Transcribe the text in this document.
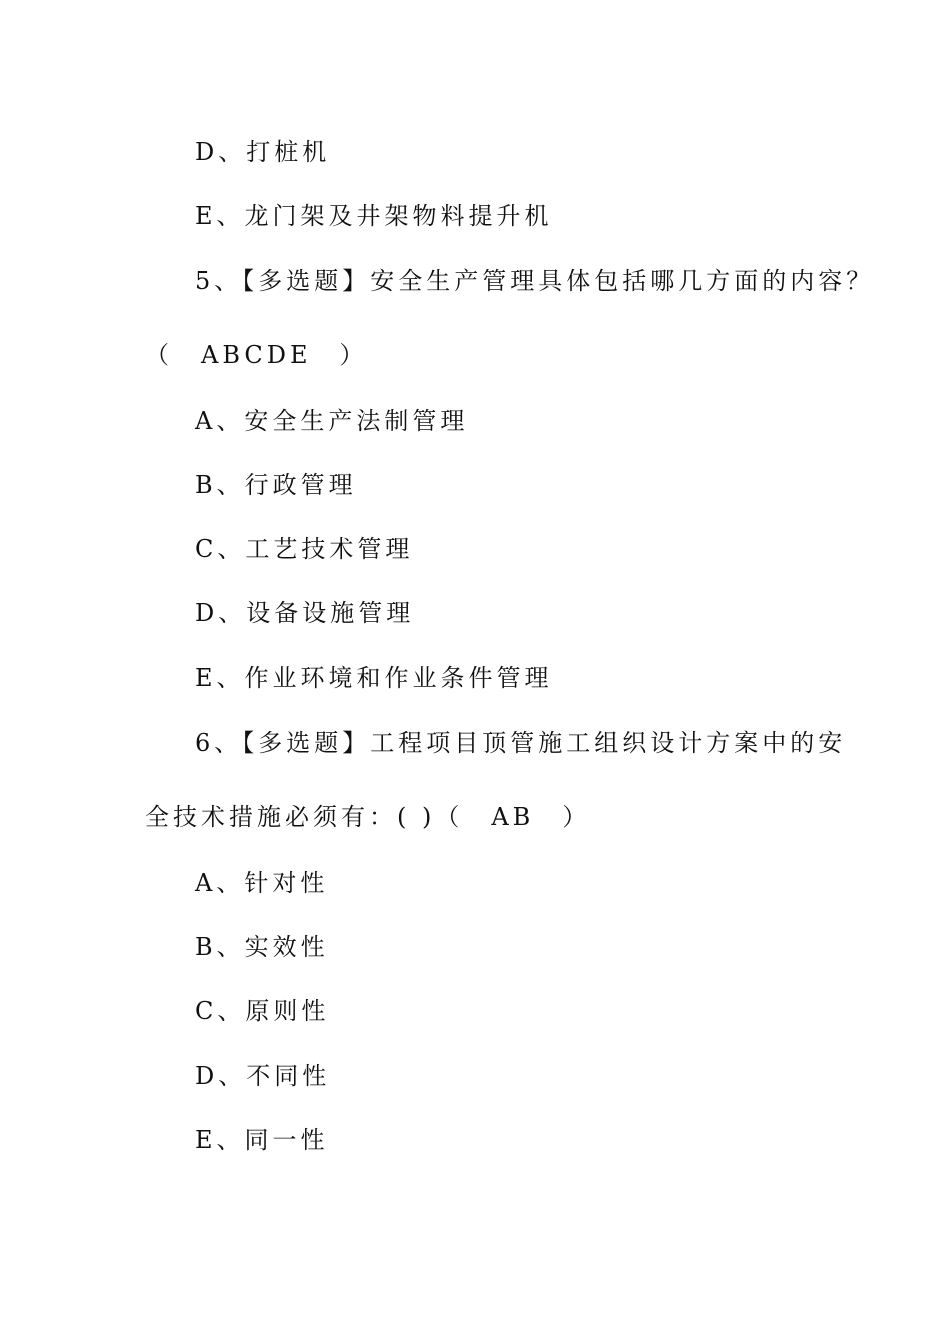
D、打桩机
E、龙门架及井架物料提升机
5、【多选题】安全生产管理具体包括哪几方面的内容？
（　ABCDE　）
A、安全生产法制管理
B、行政管理
C、工艺技术管理
D、设备设施管理
E、作业环境和作业条件管理
6、【多选题】工程项目顶管施工组织设计方案中的安
全技术措施必须有：( )（　AB　）
A、针对性
B、实效性
C、原则性
D、不同性
E、同一性
